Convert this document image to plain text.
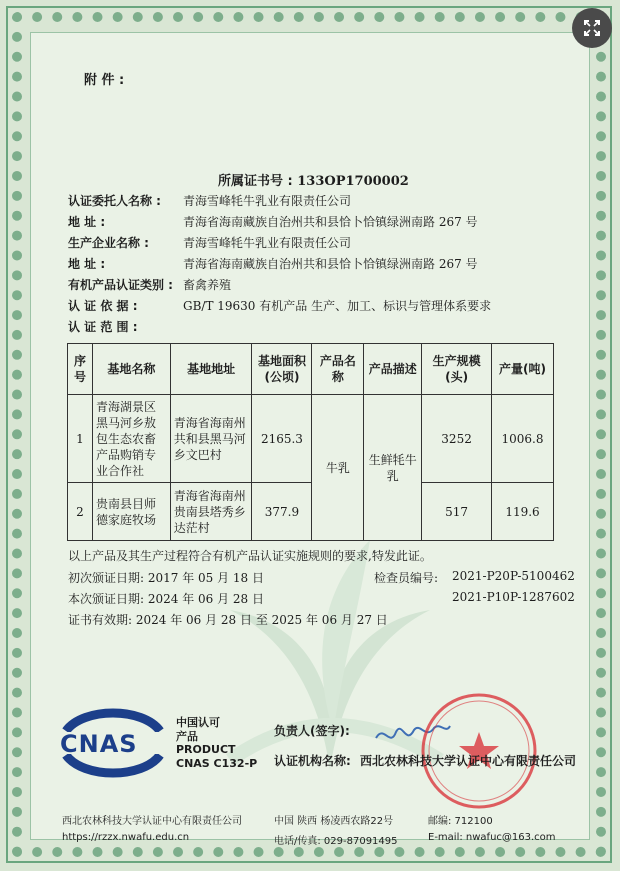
附 件 :
所属证书号 : 133OP1700002
认证委托人名称 : 青海雪峰牦牛乳业有限责任公司
地 址 :	青海省海南藏族自治州共和县恰卜恰镇绿洲南路 267 号
生产企业名称 :	青海雪峰牦牛乳业有限责任公司
地 址 :	青海省海南藏族自治州共和县恰卜恰镇绿洲南路 267 号
有机产品认证类别 : 畜禽养殖
认 证 依 据 :	GB/T 19630 有机产品 生产、加工、标识与管理体系要求
认 证 范 围 :
序号	基地名称	基地地址	基地面积(公顷)	产品名称	产品描述	生产规模(头)	产量(吨)
1	青海湖景区黑马河乡敖包生态农畜产品购销专业合作社	青海省海南州共和县黑马河乡文巴村	2165.3	牛乳	生鲜牦牛乳	3252	1006.8
2	贵南县目师德家庭牧场	青海省海南州贵南县塔秀乡达茫村	377.9			517	119.6
以上产品及其生产过程符合有机产品认证实施规则的要求,特发此证。
初次颁证日期: 2017 年 05 月 18 日
本次颁证日期: 2024 年 06 月 28 日
证书有效期: 2024 年 06 月 28 日 至 2025 年 06 月 27 日
检查员编号: 2021-P20P-5100462
2021-P10P-1287602
CNAS
中国认可
产品
PRODUCT
CNAS C132-P
负责人(签字):
认证机构名称: 西北农林科技大学认证中心有限责任公司
西北农林科技大学认证中心有限责任公司
https://rzzx.nwafu.edu.cn
中国 陕西 杨凌西农路22号
电话/传真: 029-87091495
邮编: 712100
E-mail: nwafuc@163.com
